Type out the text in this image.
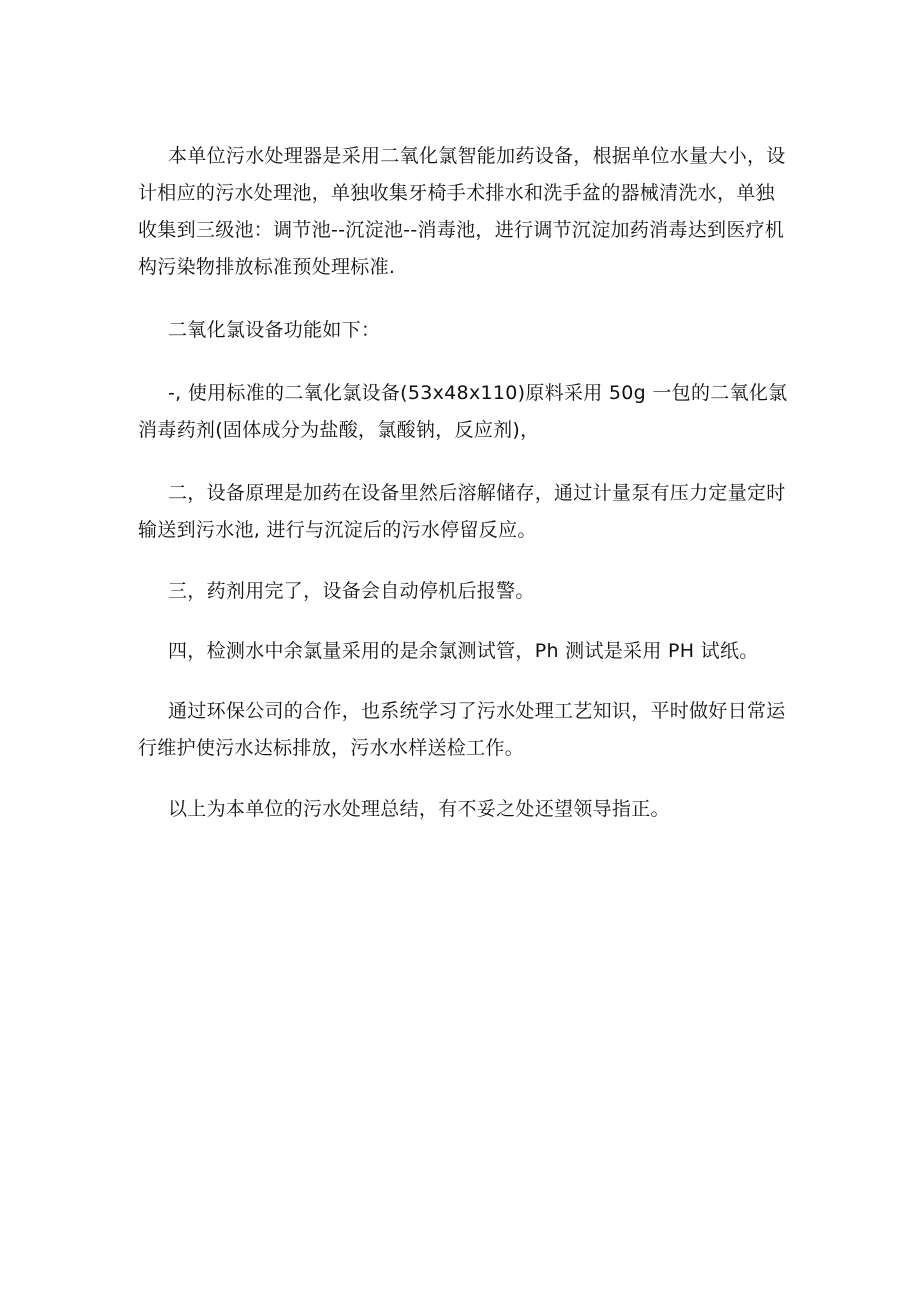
本单位污水处理器是采用二氧化氯智能加药设备，根据单位水量大小，设计相应的污水处理池，单独收集牙椅手术排水和洗手盆的器械清洗水，单独收集到三级池：调节池--沉淀池--消毒池，进行调节沉淀加药消毒达到医疗机构污染物排放标准预处理标准.

二氧化氯设备功能如下：

-, 使用标准的二氧化氯设备(53x48x110)原料采用 50g 一包的二氧化氯消毒药剂(固体成分为盐酸，氯酸钠，反应剂)，

二，设备原理是加药在设备里然后溶解储存，通过计量泵有压力定量定时输送到污水池, 进行与沉淀后的污水停留反应。

三，药剂用完了，设备会自动停机后报警。

四，检测水中余氯量采用的是余氯测试管，Ph 测试是采用 PH 试纸。

通过环保公司的合作，也系统学习了污水处理工艺知识，平时做好日常运行维护使污水达标排放，污水水样送检工作。

以上为本单位的污水处理总结，有不妥之处还望领导指正。
